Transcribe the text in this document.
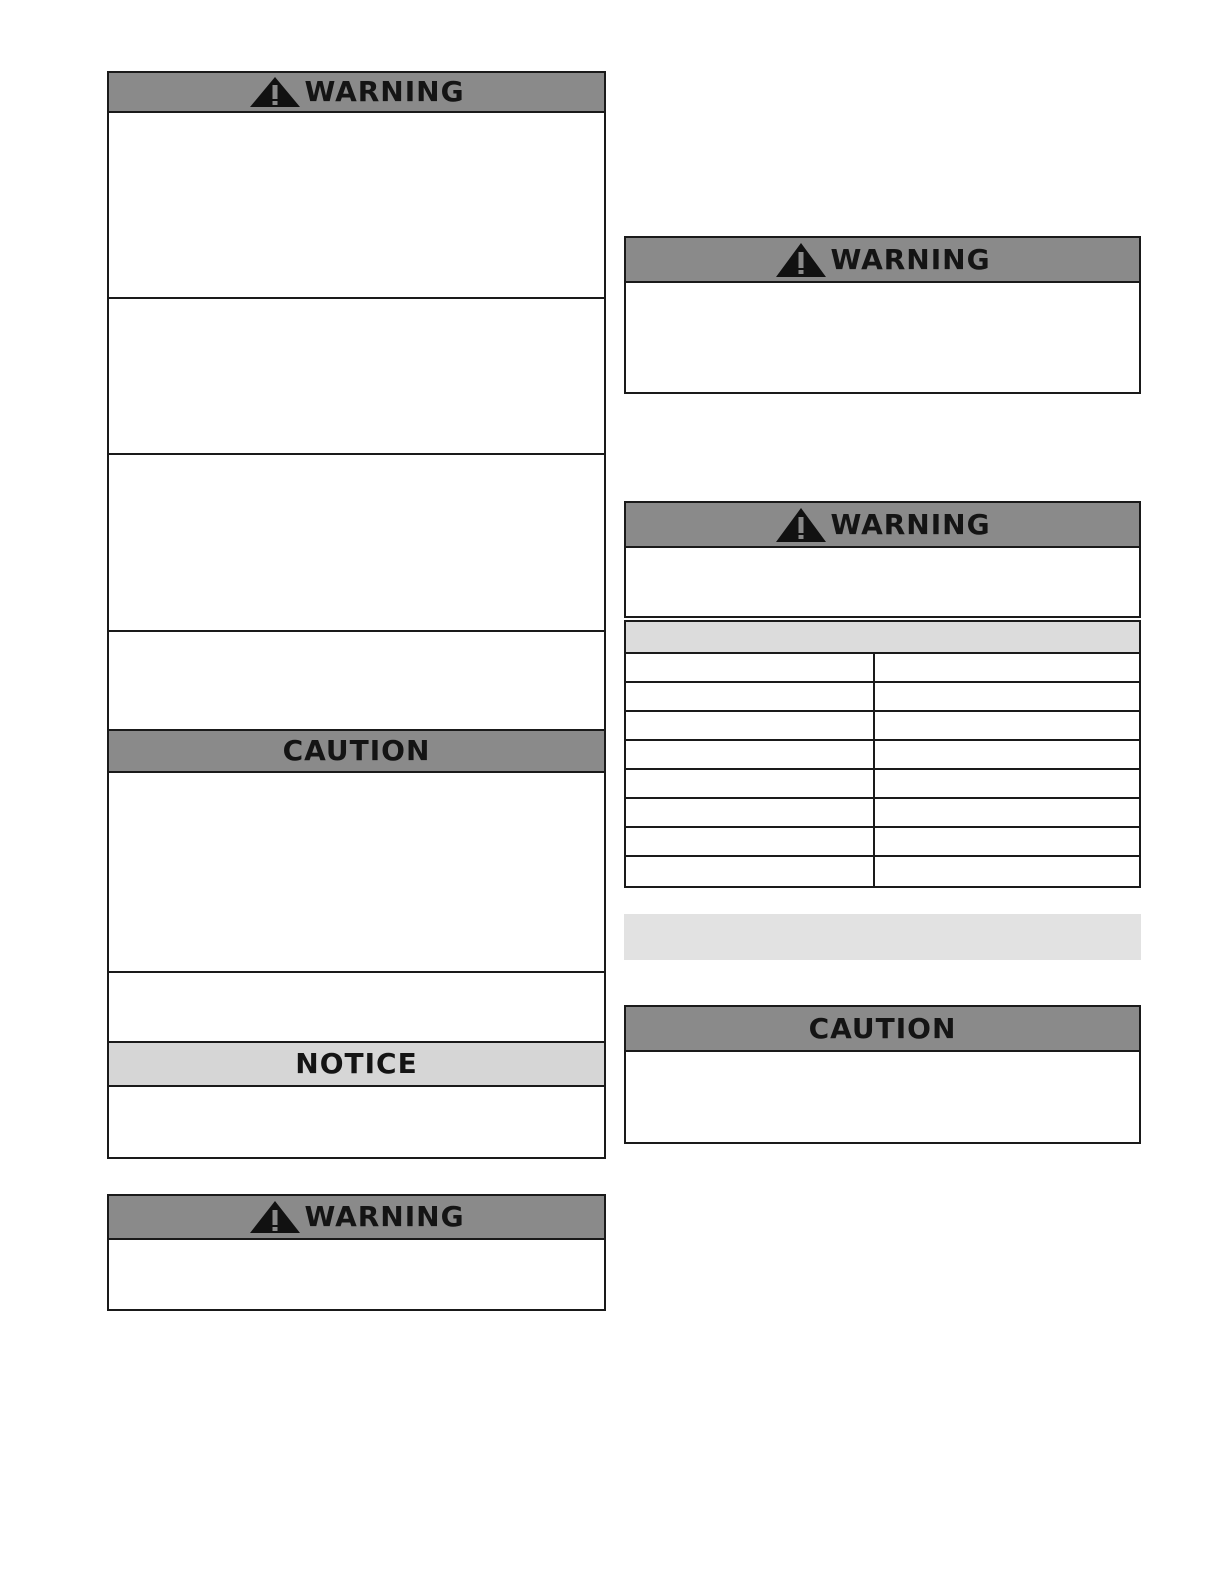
WARNING
CAUTION
NOTICE
WARNING
WARNING
WARNING
CAUTION
